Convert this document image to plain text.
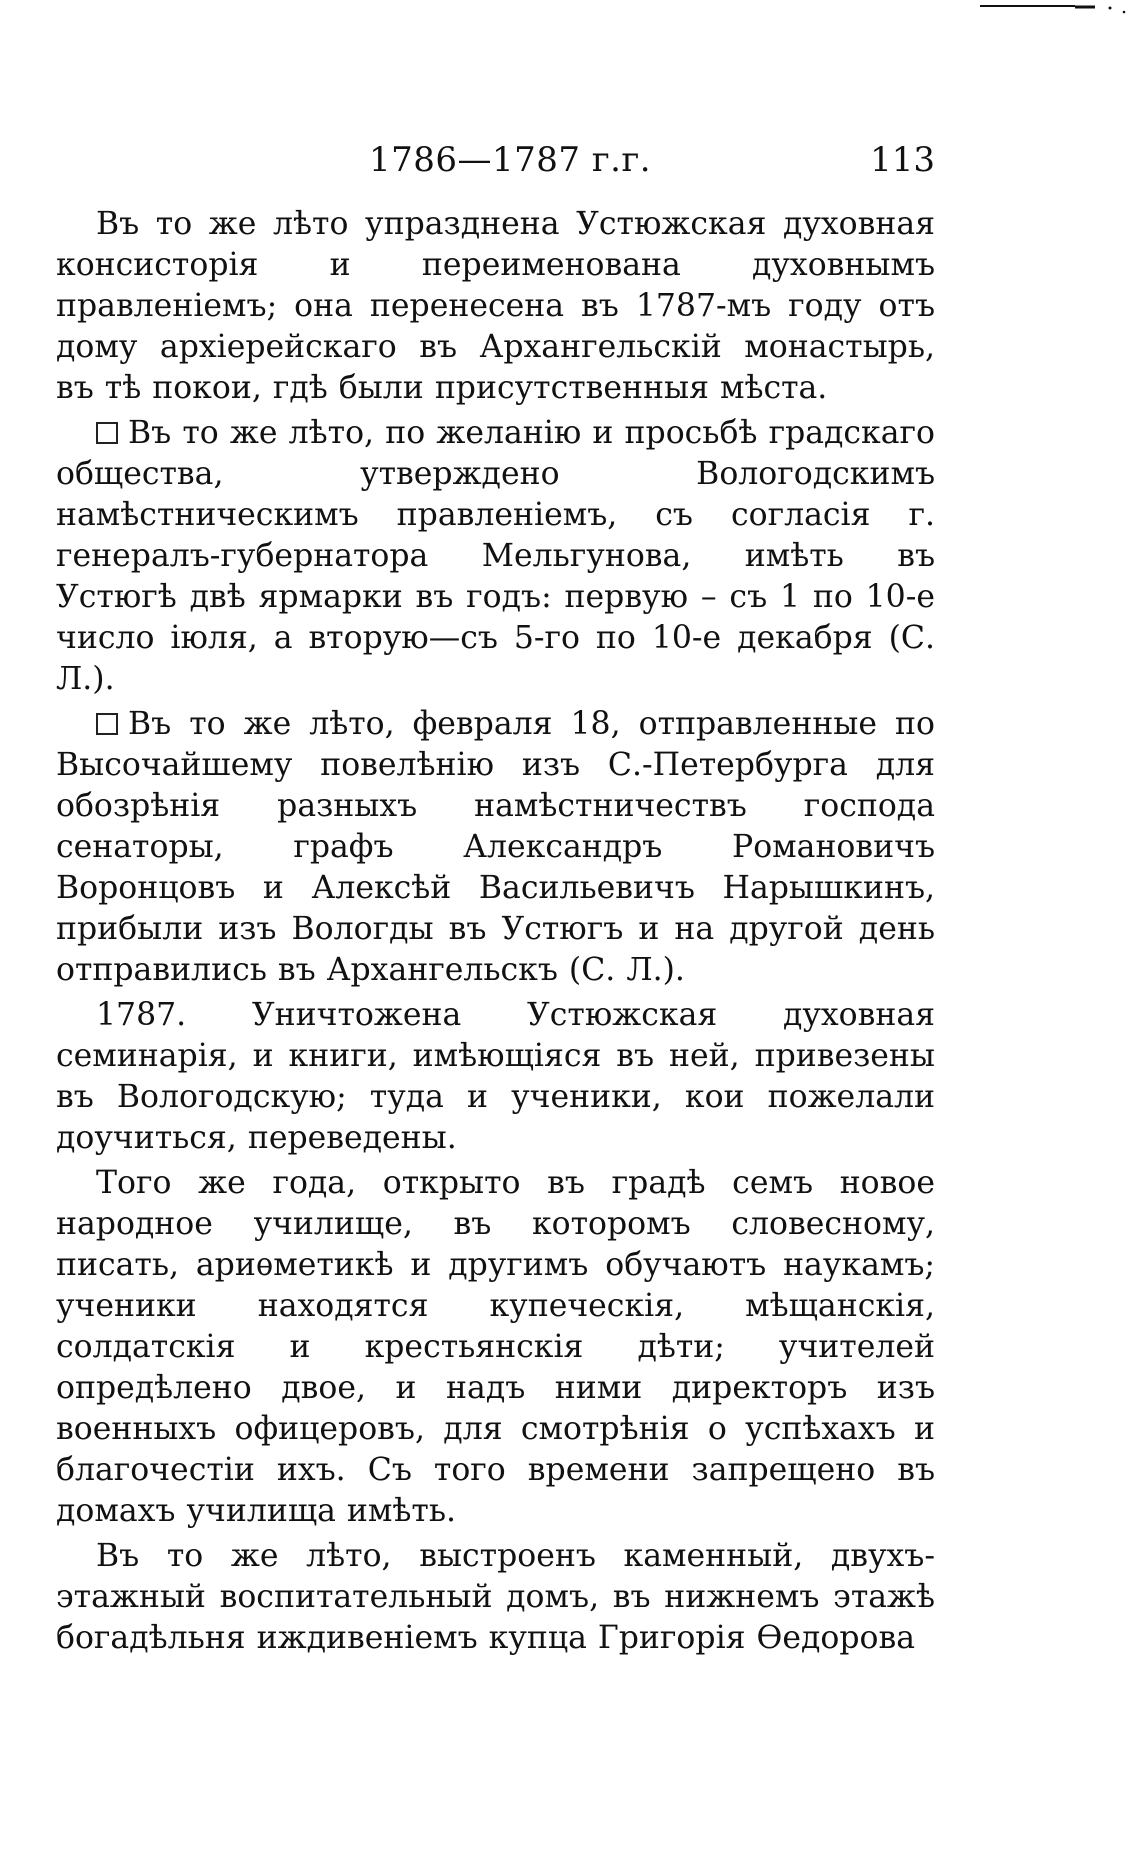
1786—1787 г.г.	113

Въ то же лѣто упразднена Устюжская духовная консисторія и переименована духовнымъ правленіемъ; она перенесена въ 1787-мъ году отъ дому архіерейскаго въ Архангельскій монастырь, въ тѣ покои, гдѣ были присутственныя мѣста.

Въ то же лѣто, по желанію и просьбѣ градскаго общества, утверждено Вологодскимъ намѣстническимъ правленіемъ, съ согласія г. генералъ-губернатора Мельгунова, имѣть въ Устюгѣ двѣ ярмарки въ годъ: первую – съ 1 по 10-е число іюля, а вторую—съ 5-го по 10-е декабря (С. Л.).

Въ то же лѣто, февраля 18, отправленные по Высочайшему повелѣнію изъ С.-Петербурга для обозрѣнія разныхъ намѣстничествъ господа сенаторы, графъ Александръ Романовичъ Воронцовъ и Алексѣй Васильевичъ Нарышкинъ, прибыли изъ Вологды въ Устюгъ и на другой день отправились въ Архангельскъ (С. Л.).

1787. Уничтожена Устюжская духовная семинарія, и книги, имѣющіяся въ ней, привезены въ Вологодскую; туда и ученики, кои пожелали доучиться, переведены.

Того же года, открыто въ градѣ семъ новое народное училище, въ которомъ словесному, писать, ариѳметикѣ и другимъ обучаютъ наукамъ; ученики находятся купеческія, мѣщанскія, солдатскія и крестьянскія дѣти; учителей опредѣлено двое, и надъ ними директоръ изъ военныхъ офицеровъ, для смотрѣнія о успѣхахъ и благочестіи ихъ. Съ того времени запрещено въ домахъ училища имѣть.

Въ то же лѣто, выстроенъ каменный, двухъ-этажный воспитательный домъ, въ нижнемъ этажѣ богадѣльня иждивеніемъ купца Григорія Ѳедорова
